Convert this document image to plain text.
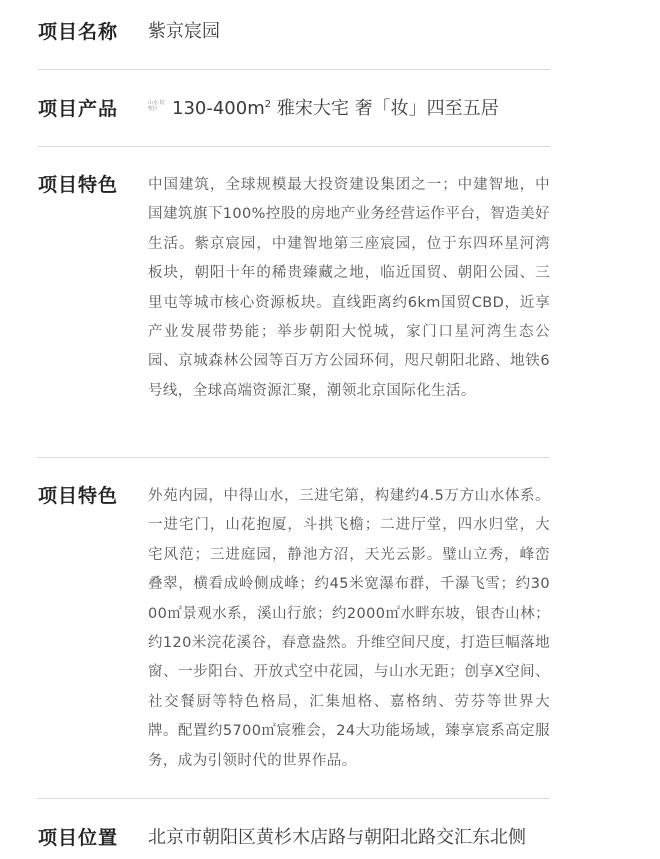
项目名称	紫京宸园
项目产品	山水 院墅区 $130-400m^2$ 雅宋大宅 奢「妆」四至五居
项目特色	中国建筑，全球规模最大投资建设集团之一；中建智地，中国建筑旗下100%控股的房地产业务经营运作平台，智造美好生活。紫京宸园，中建智地第三座宸园，位于东四环星河湾板块，朝阳十年的稀贵臻藏之地，临近国贸、朝阳公园、三里屯等城市核心资源板块。直线距离约6km国贸CBD，近享产业发展带势能；举步朝阳大悦城，家门口星河湾生态公园、京城森林公园等百万方公园环伺，咫尺朝阳北路、地铁6号线，全球高端资源汇聚，潮领北京国际化生活。
项目特色	外苑内园，中得山水，三进宅第，构建约4.5万方山水体系。一进宅门，山花抱厦，斗拱飞檐；二进厅堂，四水归堂，大宅风范；三进庭园，静池方沼，天光云影。璧山立秀，峰峦叠翠，横看成岭侧成峰；约45米宽瀑布群，千瀑飞雪；约3000㎡景观水系，溪山行旅；约2000㎡水畔东坡，银杏山林；约120米浣花溪谷，春意盎然。升维空间尺度，打造巨幅落地窗、一步阳台、开放式空中花园，与山水无距；创享X空间、社交餐厨等特色格局，汇集旭格、嘉格纳、劳芬等世界大牌。配置约5700㎡宸雅会，24大功能场域，臻享宸系高定服务，成为引领时代的世界作品。
项目位置	北京市朝阳区黄杉木店路与朝阳北路交汇东北侧
